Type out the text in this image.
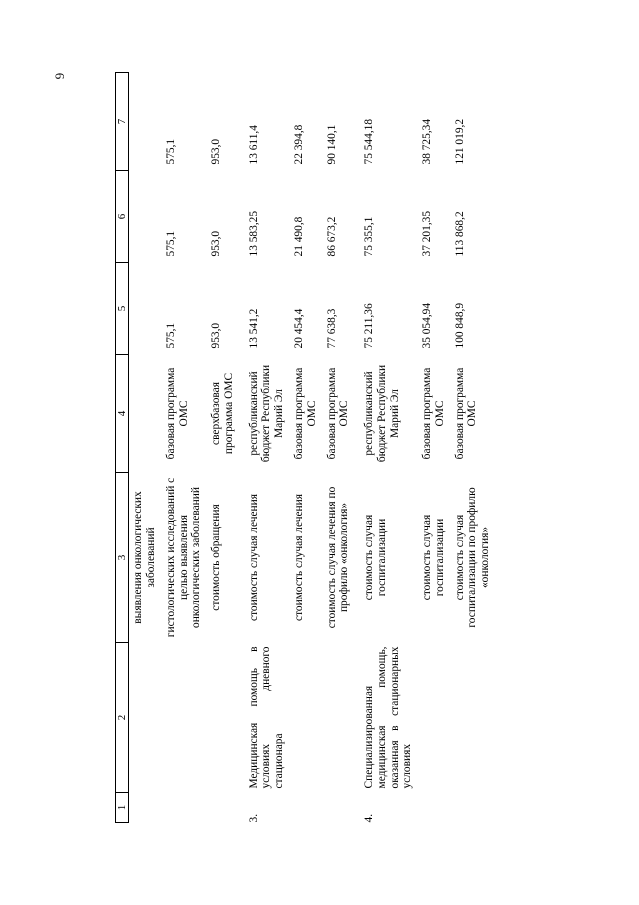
6
1	2	3	4	5	6	7
		выявления онкологических заболеваний				
		гистологических исследований с целью выявления онкологических заболеваний	базовая программа ОМС	575,1	575,1	575,1
		стоимость обращения	сверхбазовая программа ОМС	953,0	953,0	953,0
3.	Медицинская помощь в условиях дневного стационара	стоимость случая лечения	республиканский бюджет Республики Марий Эл	13 541,2	13 583,25	13 611,4
		стоимость случая лечения	базовая программа ОМС	20 454,4	21 490,8	22 394,8
		стоимость случая лечения по профилю «онкология»	базовая программа ОМС	77 638,3	86 673,2	90 140,1
4.	Специализированная медицинская помощь, оказанная в стационарных условиях	стоимость случая госпитализации	республиканский бюджет Республики Марий Эл	75 211,36	75 355,1	75 544,18
		стоимость случая госпитализации	базовая программа ОМС	35 054,94	37 201,35	38 725,34
		стоимость случая госпитализации по профилю «онкология»	базовая программа ОМС	100 848,9	113 868,2	121 019,2
